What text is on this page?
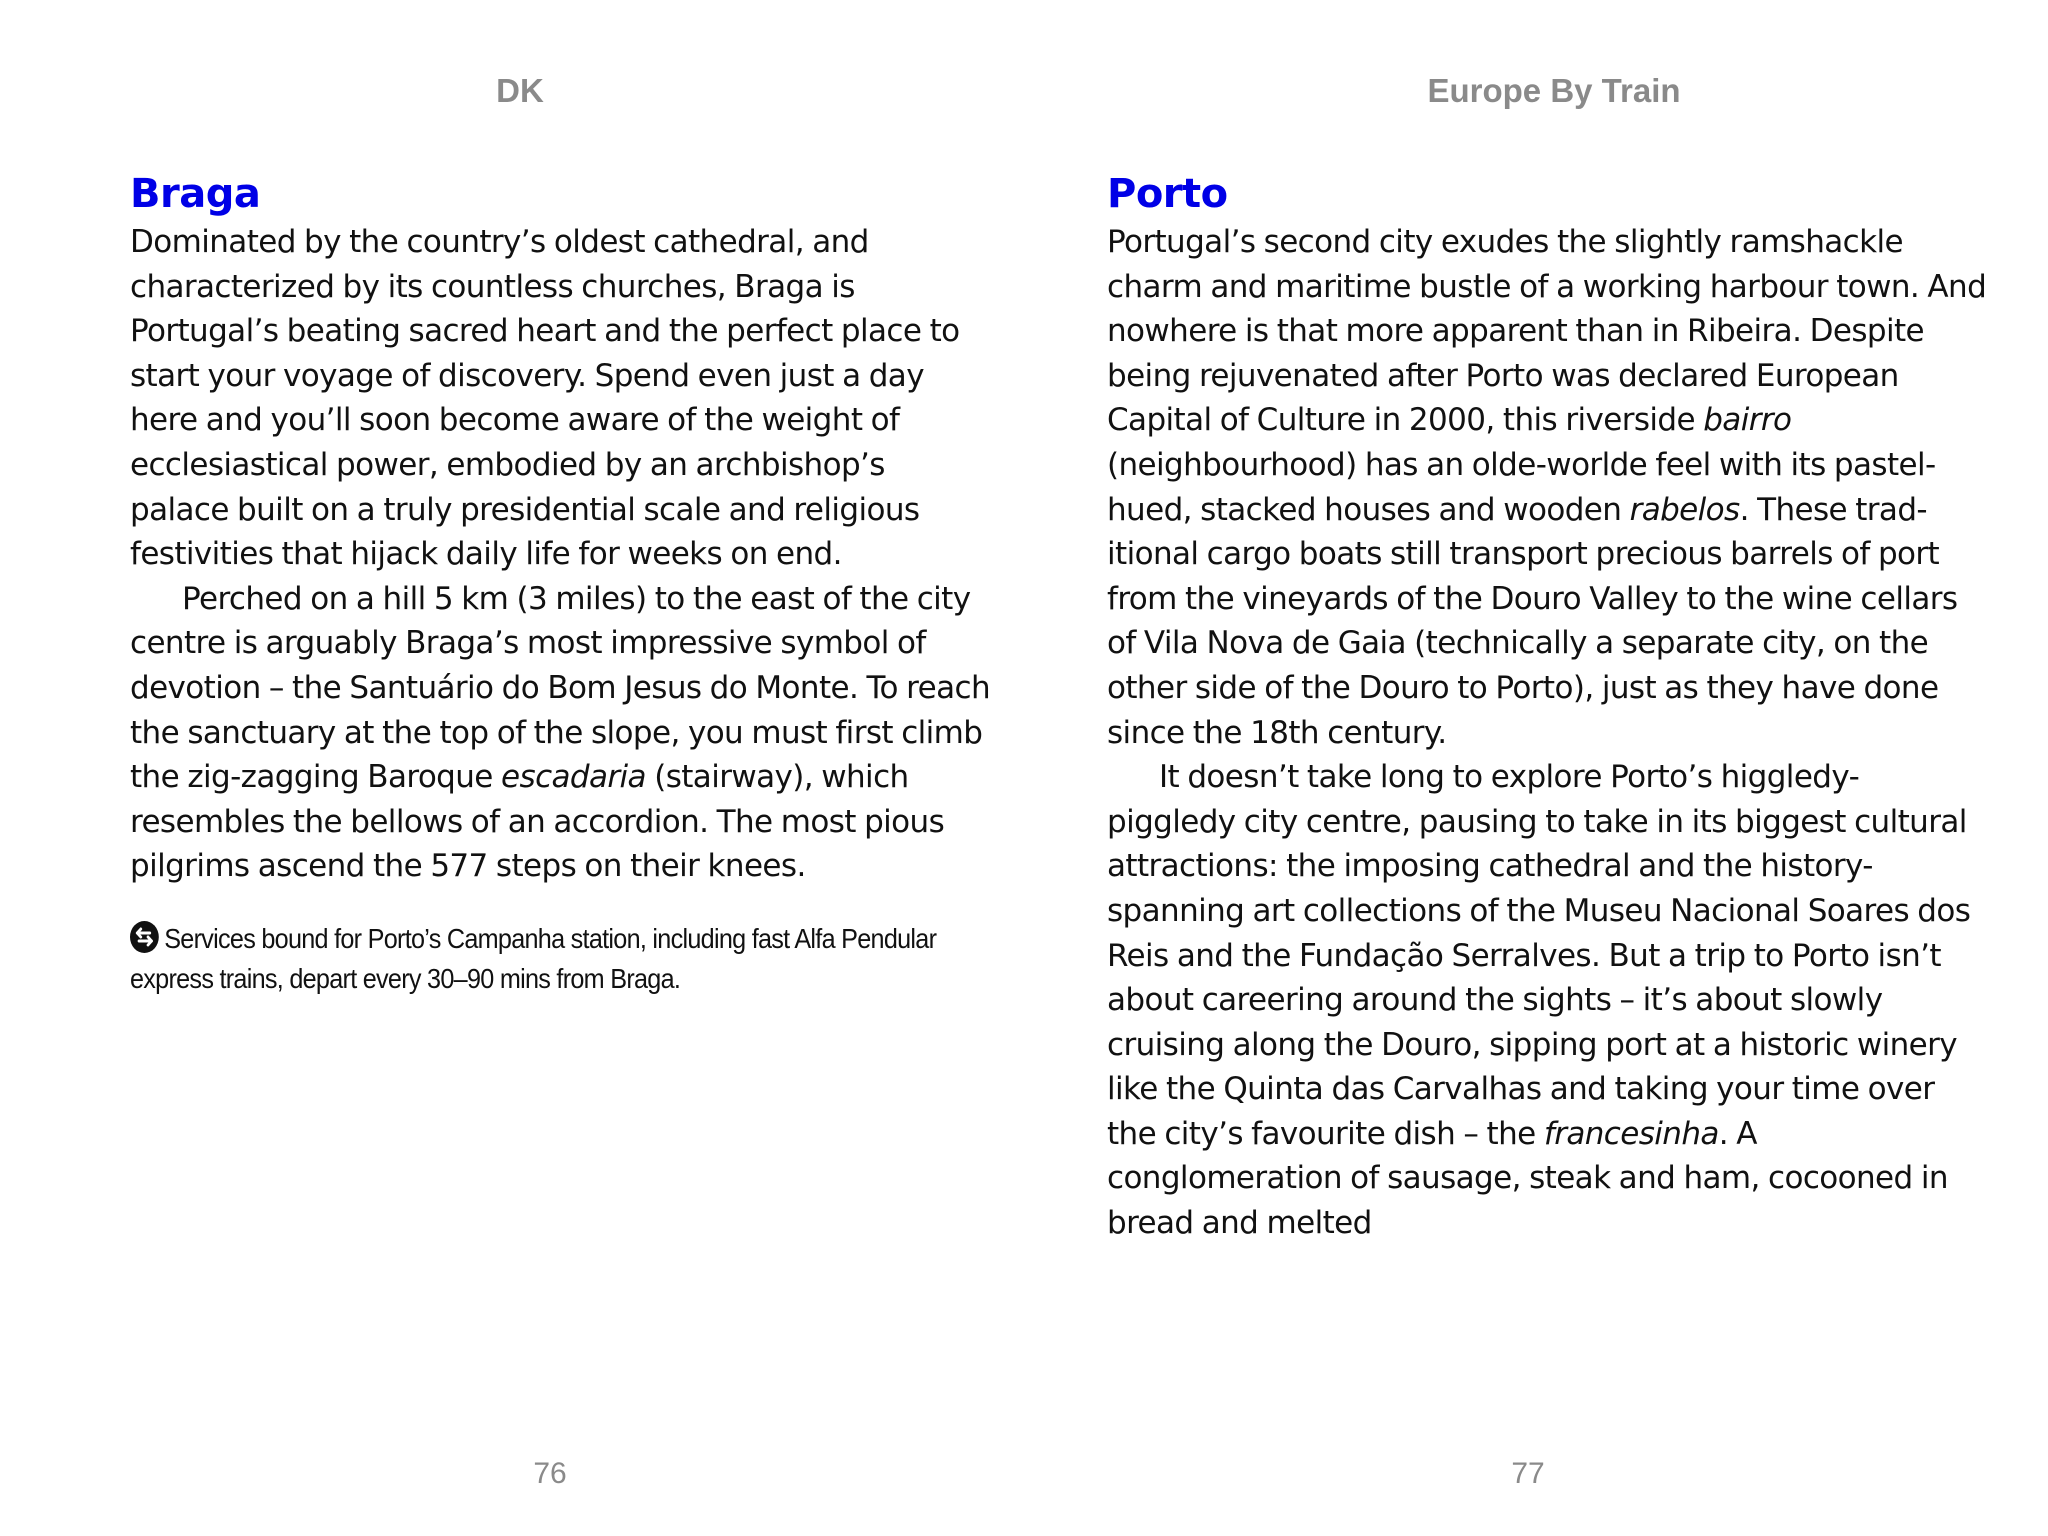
DK
Braga

Dominated by the country’s oldest cathedral, and characterized by its countless churches, Braga is Portugal’s beating sacred heart and the perfect place to start your voyage of discovery. Spend even just a day here and you’ll soon become aware of the weight of ecclesiastical power, embodied by an archbishop’s palace built on a truly presidential scale and religious festivities that hijack daily life for weeks on end.

Perched on a hill 5 km (3 miles) to the east of the city centre is arguably Braga’s most impressive symbol of devotion – the Santuário do Bom Jesus do Monte. To reach the sanctuary at the top of the slope, you must first climb the zig-zagging Baroque escadaria (stairway), which resembles the bellows of an accordion. The most pious pilgrims ascend the 577 steps on their knees.

Services bound for Porto’s Campanha station, including fast Alfa Pendular express trains, depart every 30–90 mins from Braga.
76
Europe By Train
Porto

Portugal’s second city exudes the slightly ramshackle charm and maritime bustle of a working harbour town. And nowhere is that more apparent than in Ribeira. Despite being rejuvenated after Porto was declared European Capital of Culture in 2000, this riverside bairro (neighbourhood) has an olde-worlde feel with its pastel-hued, stacked houses and wooden rabelos. These trad-itional cargo boats still transport precious barrels of port from the vineyards of the Douro Valley to the wine cellars of Vila Nova de Gaia (technically a separate city, on the other side of the Douro to Porto), just as they have done since the 18th century.

It doesn’t take long to explore Porto’s higgledy-piggledy city centre, pausing to take in its biggest cultural attractions: the imposing cathedral and the history-spanning art collections of the Museu Nacional Soares dos Reis and the Fundação Serralves. But a trip to Porto isn’t about careering around the sights – it’s about slowly cruising along the Douro, sipping port at a historic winery like the Quinta das Carvalhas and taking your time over the city’s favourite dish – the francesinha. A conglomeration of sausage, steak and ham, cocooned in bread and melted

77
